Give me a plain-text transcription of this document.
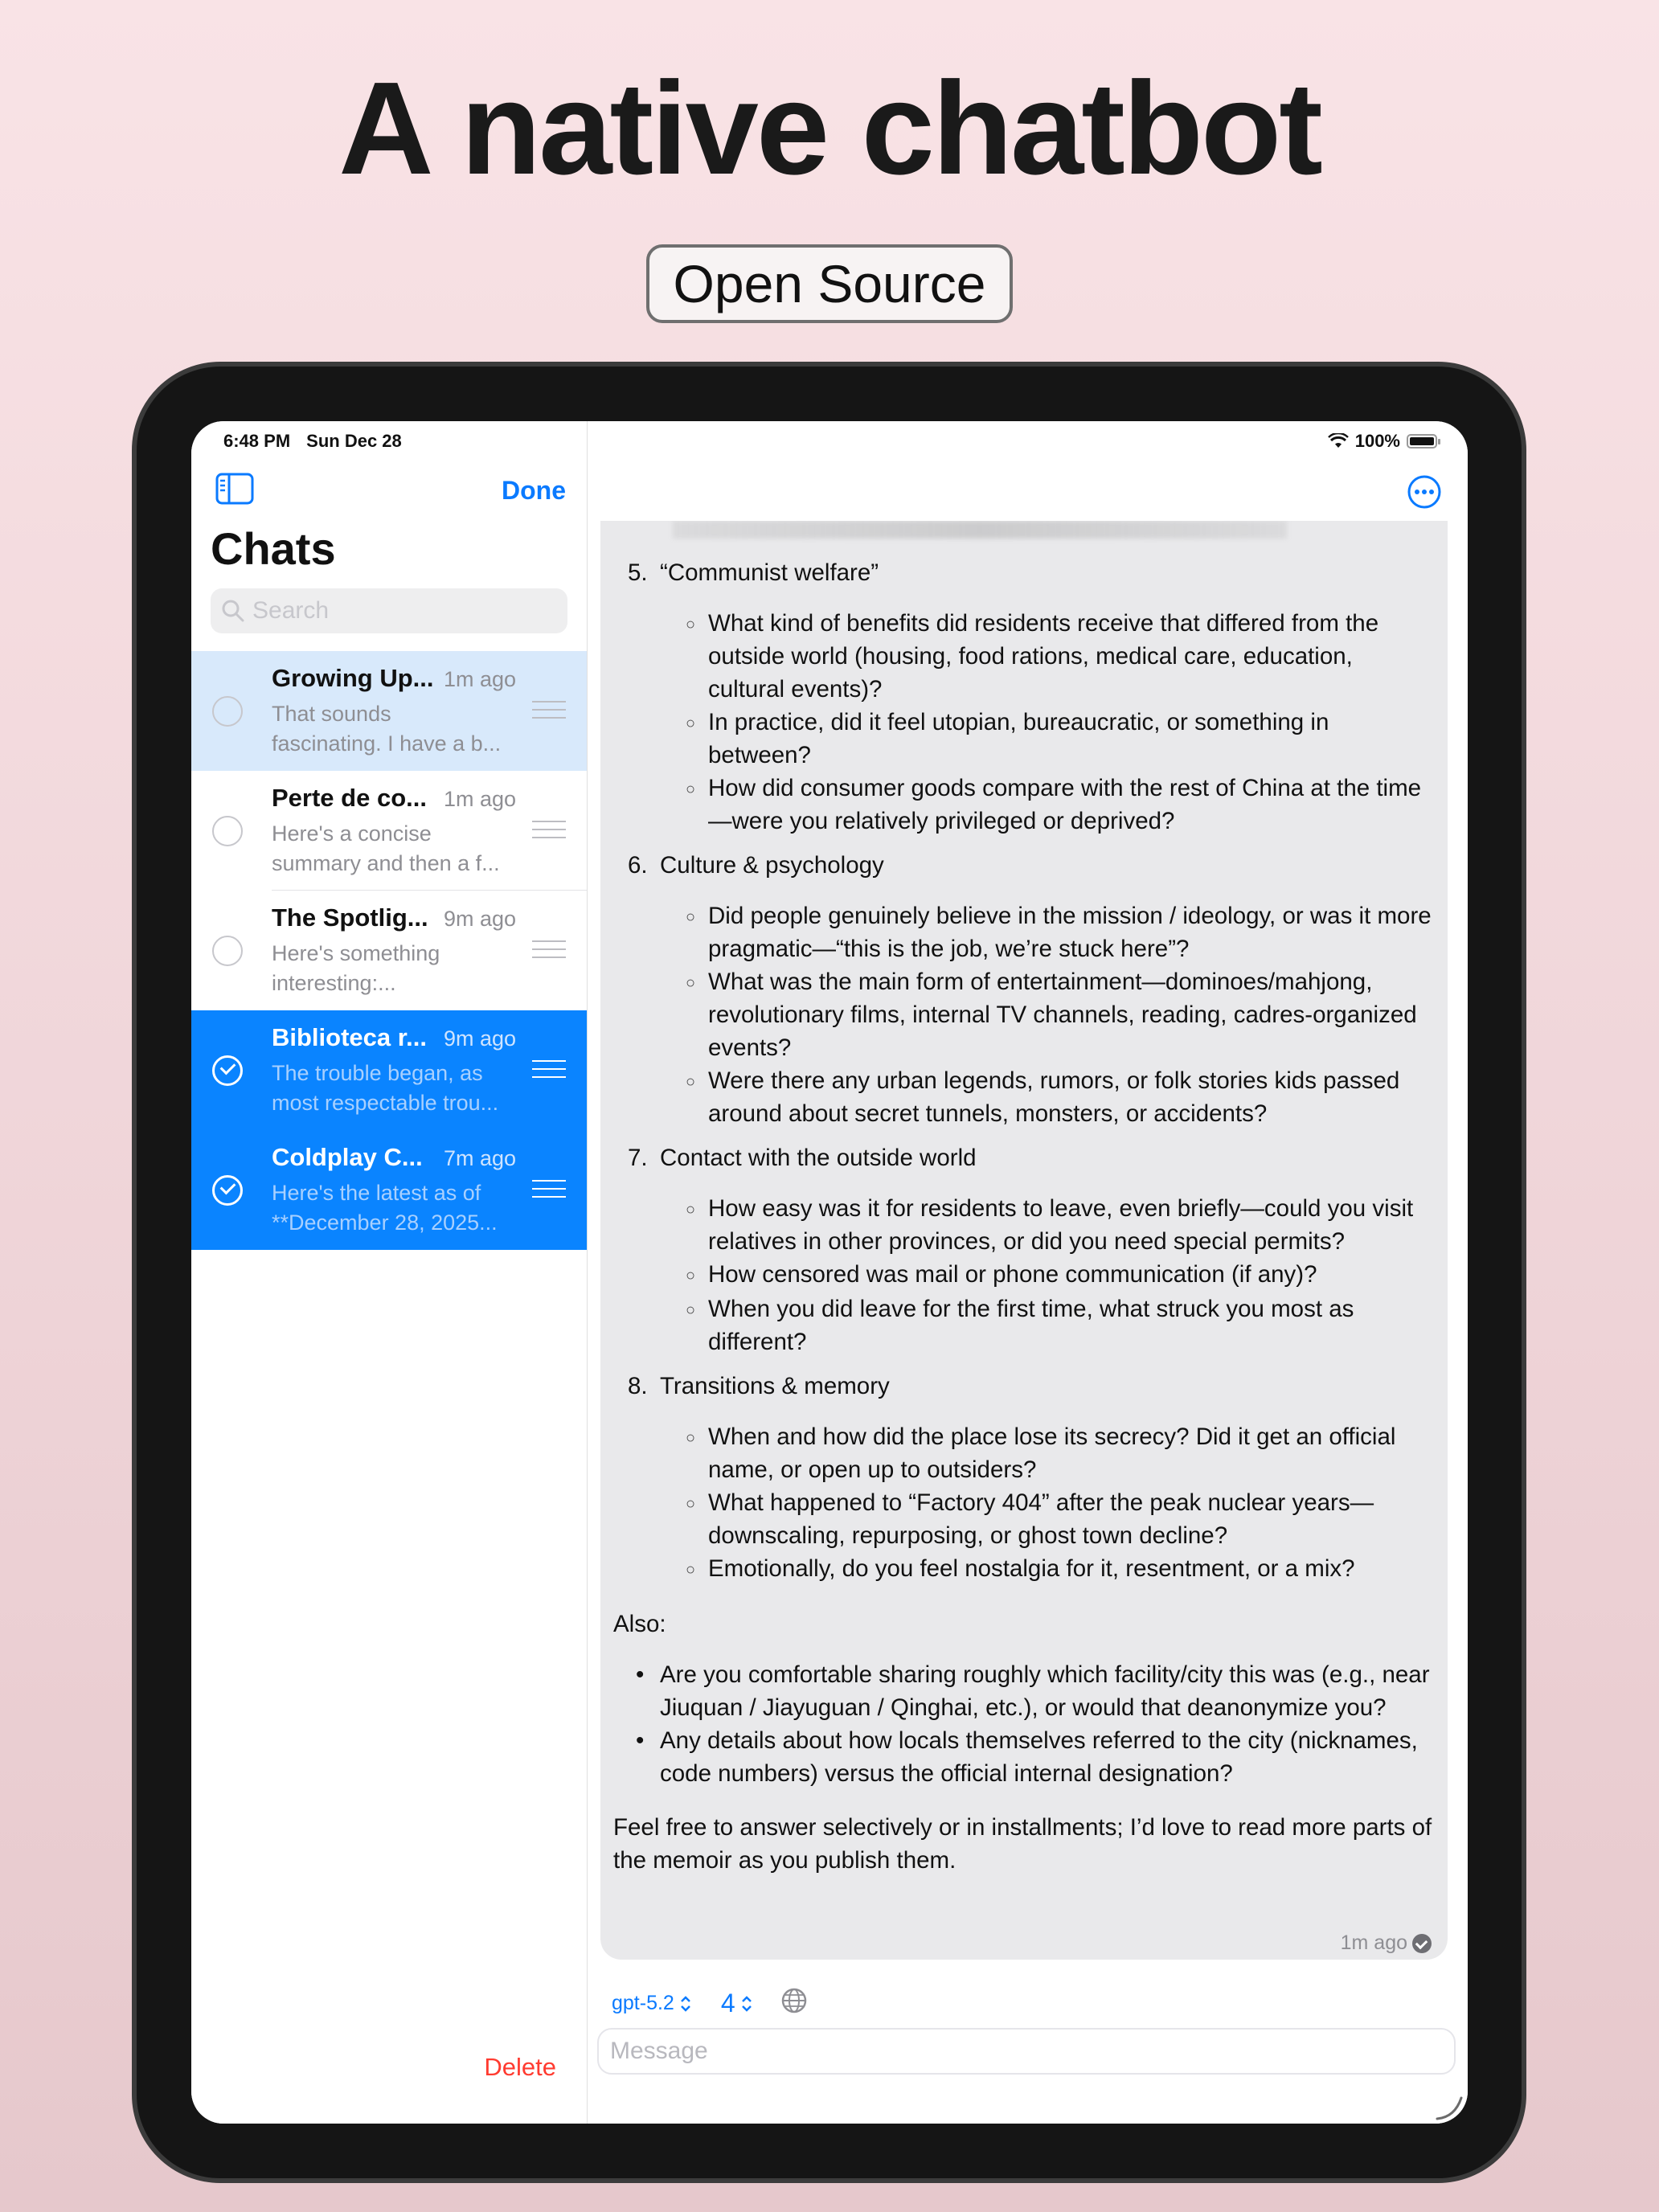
A native chatbot
Open Source
6:48 PM Sun Dec 28
Done
Chats
Search
Growing Up... 1m ago
That sounds fascinating. I have a b...
Perte de co... 1m ago
Here's a concise summary and then a f...
The Spotlig... 9m ago
Here's something interesting:...
Biblioteca r... 9m ago
The trouble began, as most respectable trou...
Coldplay C... 7m ago
Here's the latest as of **December 28, 2025...
Delete
100%
5. “Communist welfare”
○ What kind of benefits did residents receive that differed from the outside world (housing, food rations, medical care, education, cultural events)?
○ In practice, did it feel utopian, bureaucratic, or something in between?
○ How did consumer goods compare with the rest of China at the time—were you relatively privileged or deprived?
6. Culture & psychology
○ Did people genuinely believe in the mission / ideology, or was it more pragmatic—“this is the job, we’re stuck here”?
○ What was the main form of entertainment—dominoes/mahjong, revolutionary films, internal TV channels, reading, cadres-organized events?
○ Were there any urban legends, rumors, or folk stories kids passed around about secret tunnels, monsters, or accidents?
7. Contact with the outside world
○ How easy was it for residents to leave, even briefly—could you visit relatives in other provinces, or did you need special permits?
○ How censored was mail or phone communication (if any)?
○ When you did leave for the first time, what struck you most as different?
8. Transitions & memory
○ When and how did the place lose its secrecy? Did it get an official name, or open up to outsiders?
○ What happened to “Factory 404” after the peak nuclear years—downscaling, repurposing, or ghost town decline?
○ Emotionally, do you feel nostalgia for it, resentment, or a mix?
Also:
• Are you comfortable sharing roughly which facility/city this was (e.g., near Jiuquan / Jiayuguan / Qinghai, etc.), or would that deanonymize you?
• Any details about how locals themselves referred to the city (nicknames, code numbers) versus the official internal designation?
Feel free to answer selectively or in installments; I’d love to read more parts of the memoir as you publish them.
1m ago
gpt-5.2 4
Message
